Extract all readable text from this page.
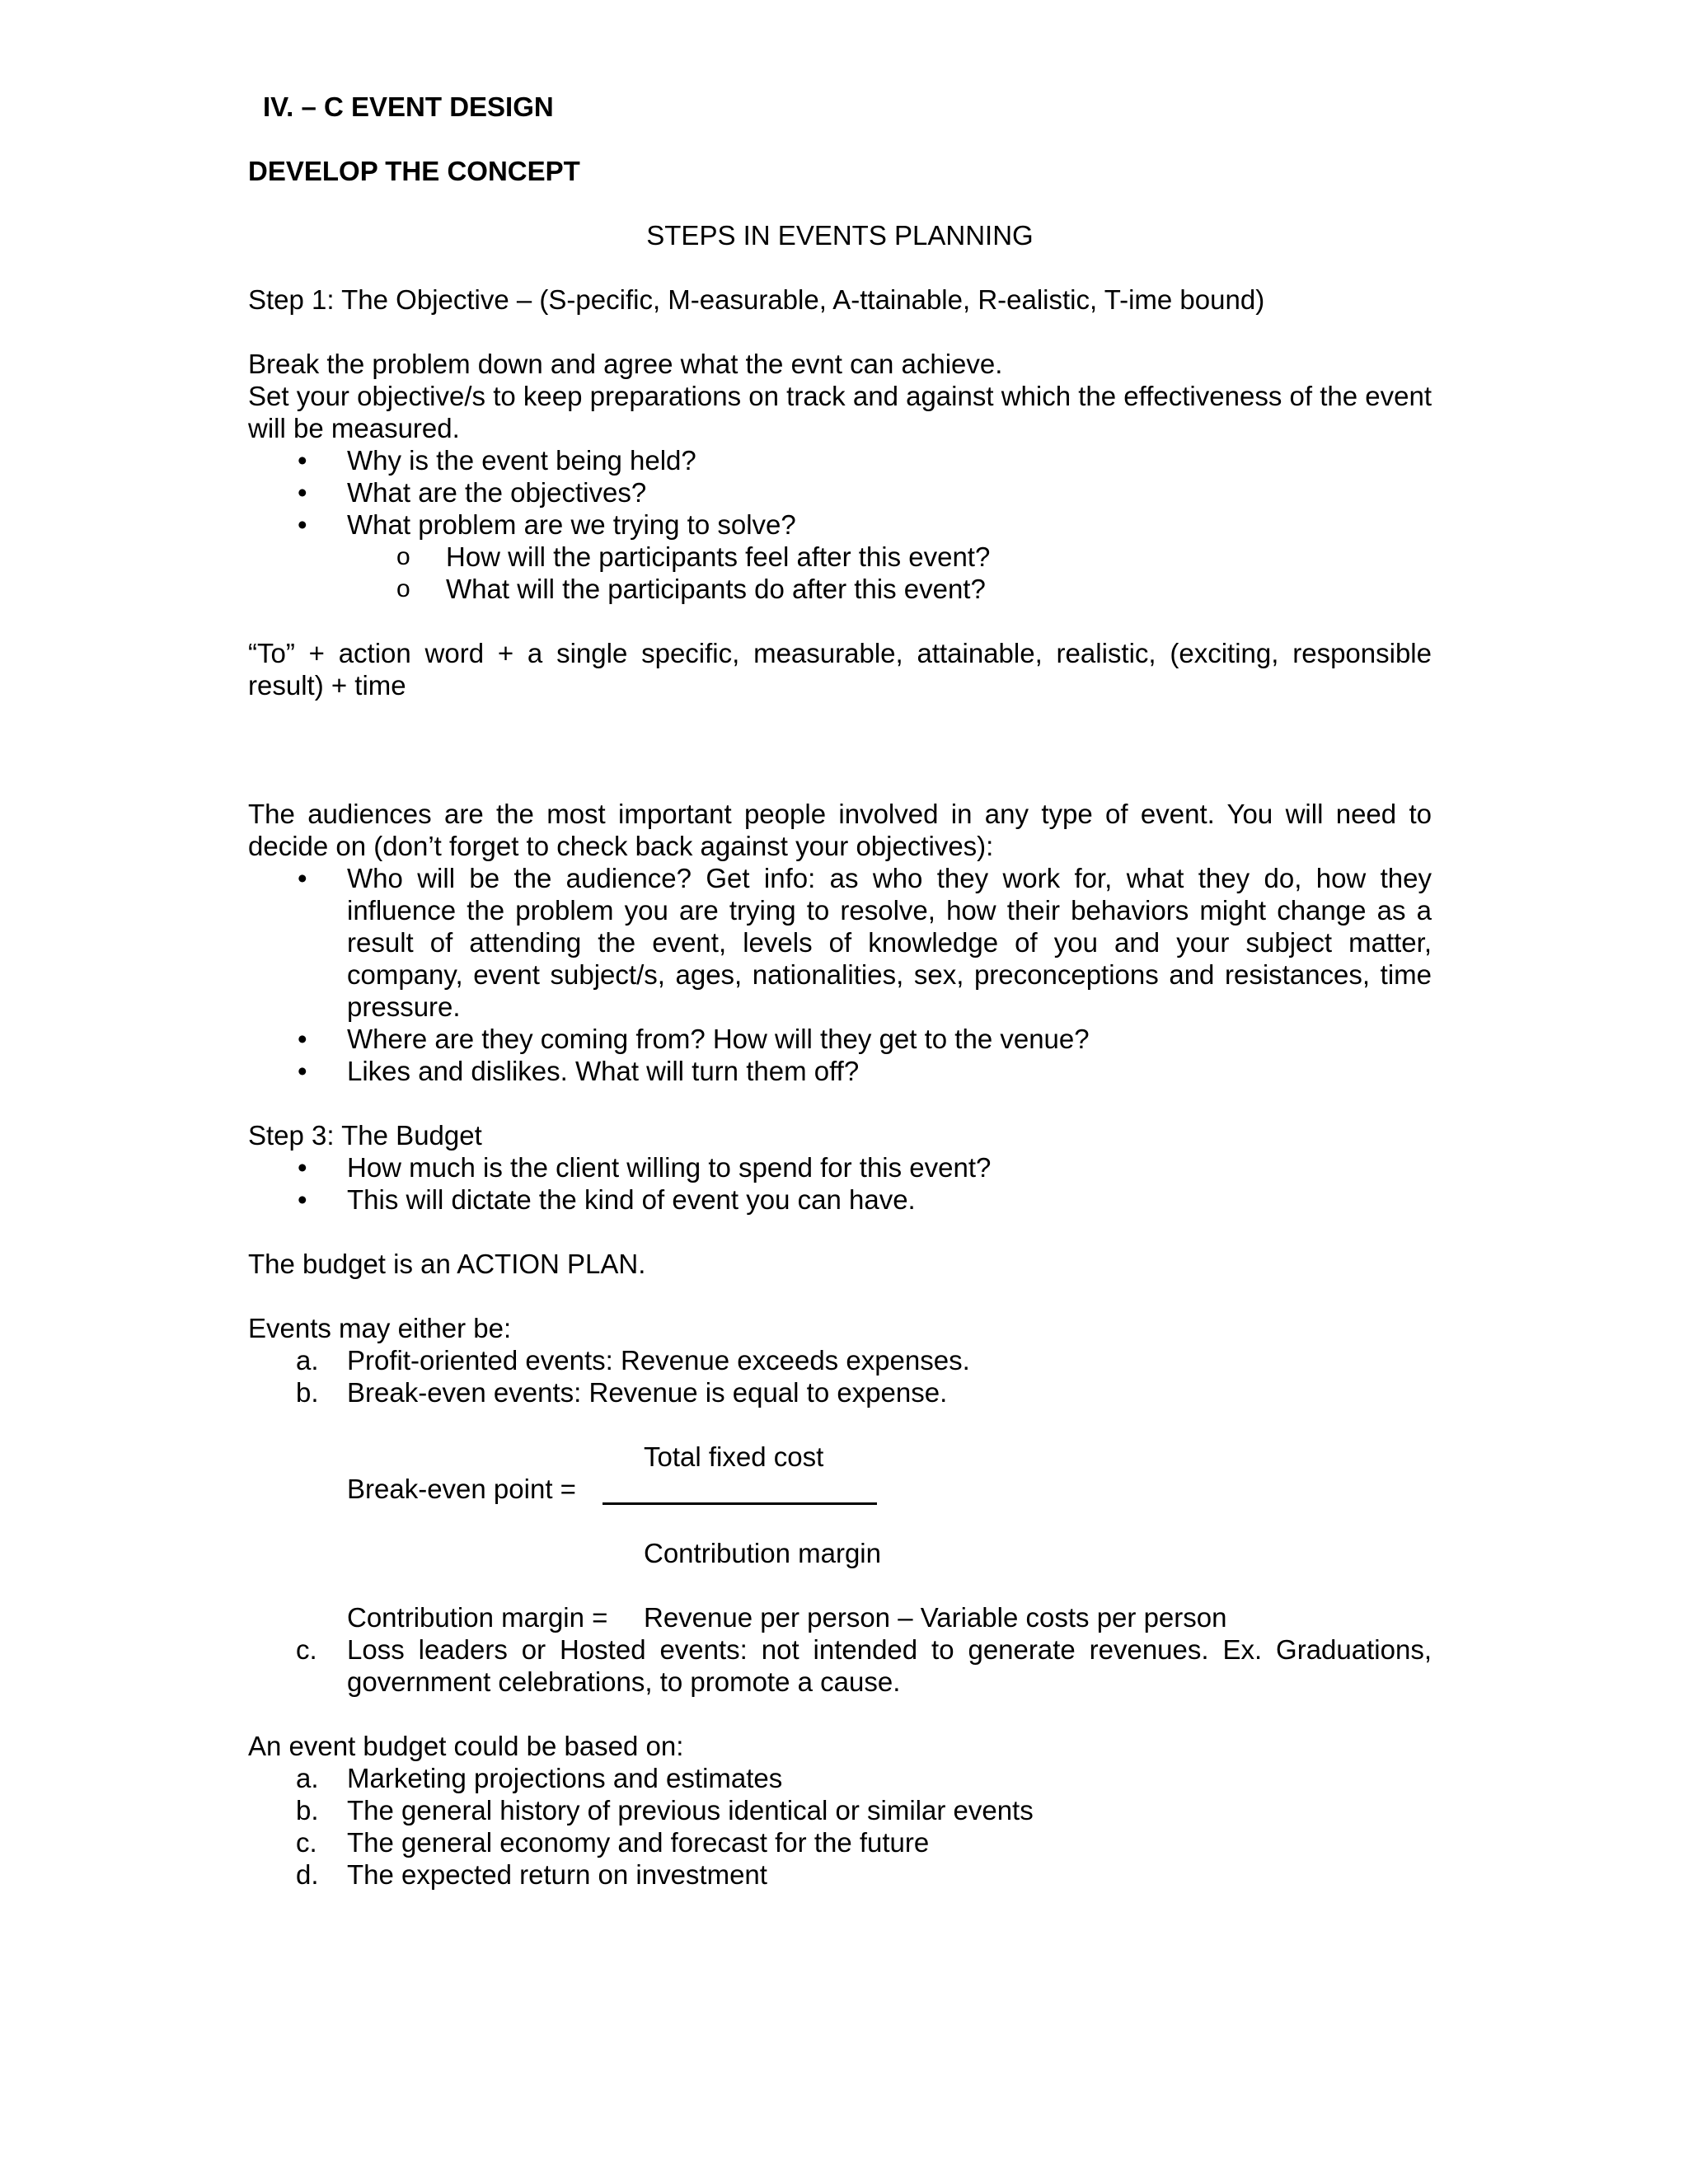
IV. – C EVENT DESIGN

DEVELOP THE CONCEPT

STEPS IN EVENTS PLANNING

Step 1: The Objective – (S-pecific, M-easurable, A-ttainable, R-ealistic, T-ime bound)

Break the problem down and agree what the evnt can achieve.

Set your objective/s to keep preparations on track and against which the effectiveness of the event will be measured.

•	Why is the event being held?
•	What are the objectives?
•	What problem are we trying to solve?
o	How will the participants feel after this event?
o	What will the participants do after this event?

“To” + action word + a single specific, measurable, attainable, realistic, (exciting, responsible result) + time

The audiences are the most important people involved in any type of event. You will need to decide on (don’t forget to check back against your objectives):

•	Who will be the audience? Get info: as who they work for, what they do, how they influence the problem you are trying to resolve, how their behaviors might change as a result of attending the event, levels of knowledge of you and your subject matter, company, event subject/s, ages, nationalities, sex, preconceptions and resistances, time pressure.
•	Where are they coming from? How will they get to the venue?
•	Likes and dislikes. What will turn them off?

Step 3: The Budget

•	How much is the client willing to spend for this event?
•	This will dictate the kind of event you can have.

The budget is an ACTION PLAN.

Events may either be:

a. Profit-oriented events: Revenue exceeds expenses.
b. Break-even events: Revenue is equal to expense.
Total fixed cost
Break-even point =
Contribution margin
Contribution margin = Revenue per person – Variable costs per person
c. Loss leaders or Hosted events: not intended to generate revenues. Ex. Graduations, government celebrations, to promote a cause.

An event budget could be based on:

a. Marketing projections and estimates
b. The general history of previous identical or similar events
c. The general economy and forecast for the future
d. The expected return on investment
